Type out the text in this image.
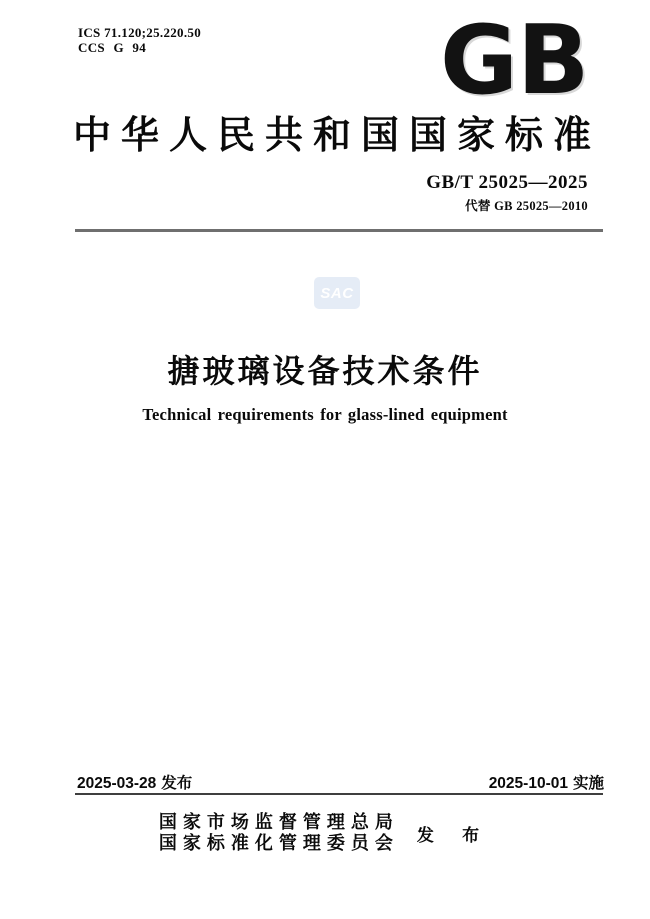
ICS 71.120;25.220.50
CCS G 94	GB
中华人民共和国国家标准
GB/T 25025—2025
代替 GB 25025—2010
SAC
搪玻璃设备技术条件
Technical requirements for glass-lined equipment
2025-03-28 发布	2025-10-01 实施
国家市场监督管理总局
国家标准化管理委员会 发 布
